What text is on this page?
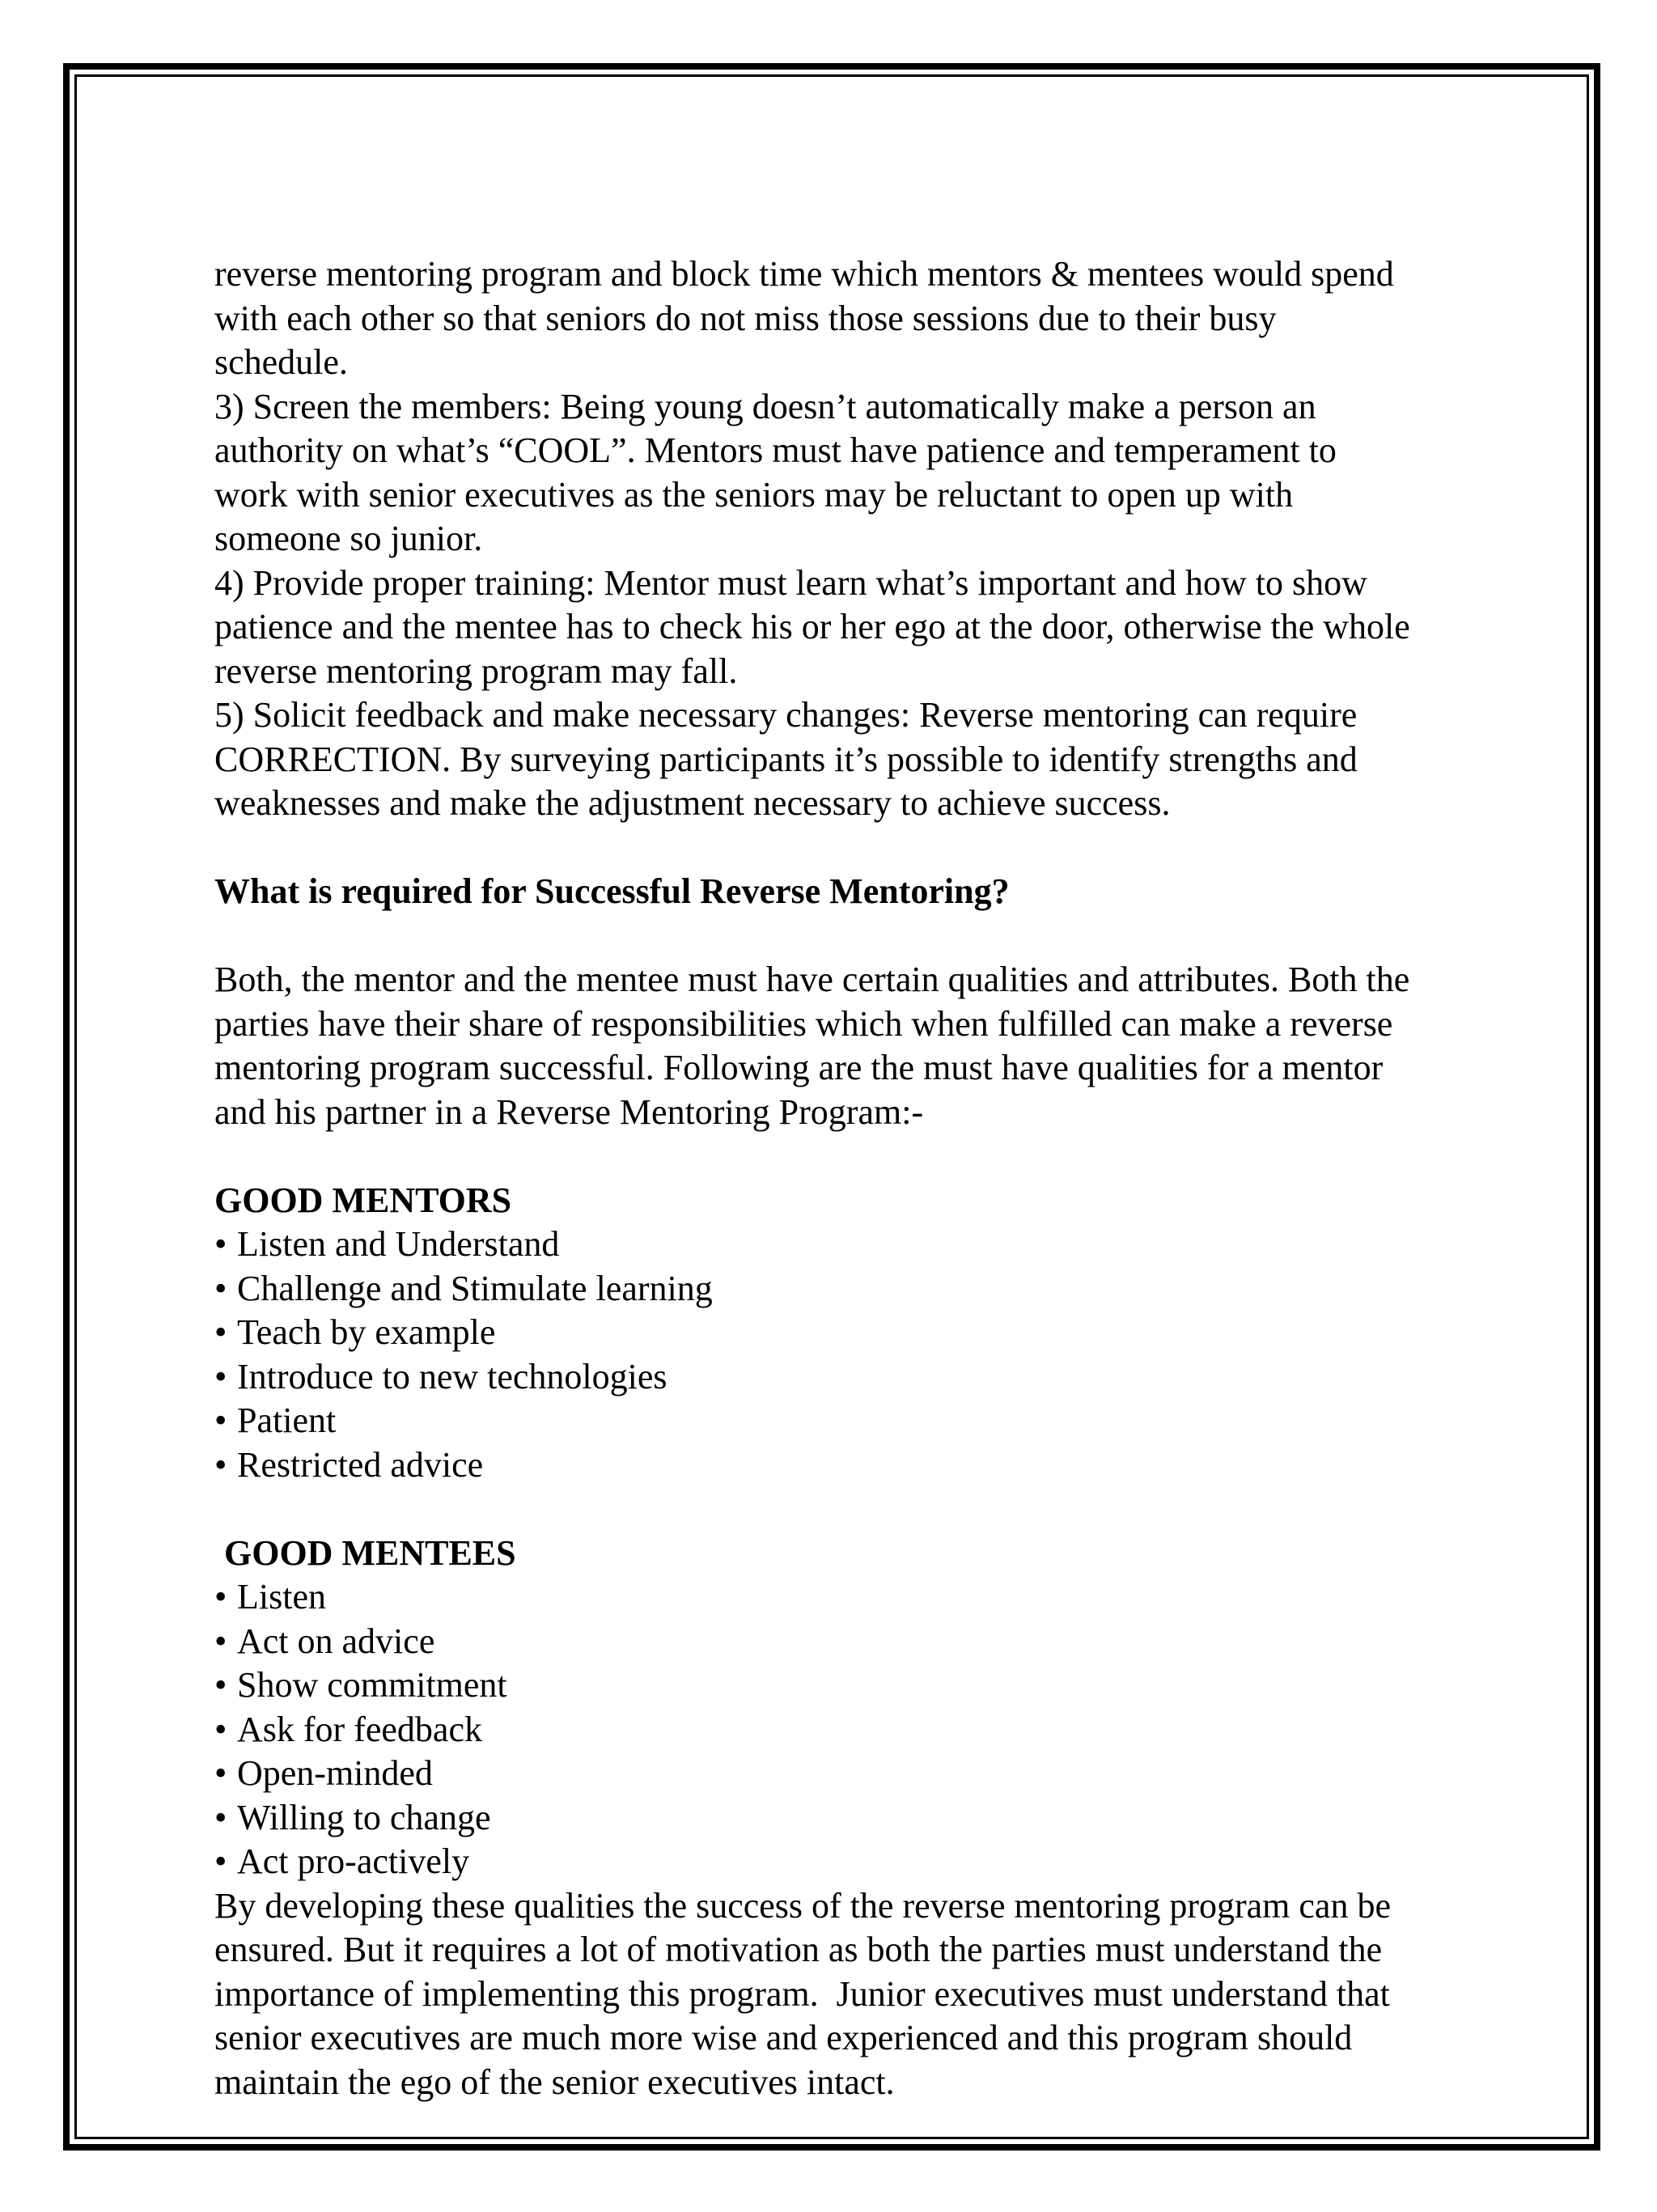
reverse mentoring program and block time which mentors & mentees would spend

with each other so that seniors do not miss those sessions due to their busy

schedule.

3) Screen the members: Being young doesn’t automatically make a person an

authority on what’s “COOL”. Mentors must have patience and temperament to

work with senior executives as the seniors may be reluctant to open up with

someone so junior.

4) Provide proper training: Mentor must learn what’s important and how to show

patience and the mentee has to check his or her ego at the door, otherwise the whole

reverse mentoring program may fall.

5) Solicit feedback and make necessary changes: Reverse mentoring can require

CORRECTION. By surveying participants it’s possible to identify strengths and

weaknesses and make the adjustment necessary to achieve success.

What is required for Successful Reverse Mentoring?

Both, the mentor and the mentee must have certain qualities and attributes. Both the

parties have their share of responsibilities which when fulfilled can make a reverse

mentoring program successful. Following are the must have qualities for a mentor

and his partner in a Reverse Mentoring Program:-

GOOD MENTORS

• Listen and Understand
• Challenge and Stimulate learning
• Teach by example
• Introduce to new technologies
• Patient
• Restricted advice

GOOD MENTEES

• Listen
• Act on advice
• Show commitment
• Ask for feedback
• Open-minded
• Willing to change
• Act pro-actively

By developing these qualities the success of the reverse mentoring program can be

ensured. But it requires a lot of motivation as both the parties must understand the

importance of implementing this program.  Junior executives must understand that

senior executives are much more wise and experienced and this program should

maintain the ego of the senior executives intact.
